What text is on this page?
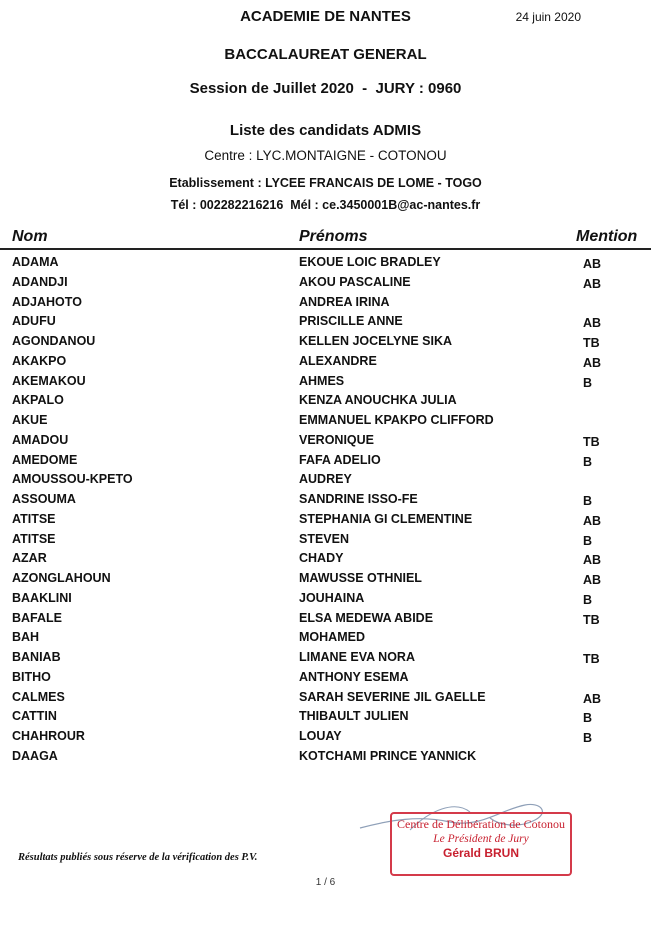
ACADEMIE DE NANTES	24 juin 2020
BACCALAUREAT GENERAL
Session de Juillet 2020  -  JURY : 0960
Liste des candidats ADMIS
Centre : LYC.MONTAIGNE - COTONOU
Etablissement : LYCEE FRANCAIS DE LOME - TOGO
Tél : 002282216216  Mél : ce.3450001B@ac-nantes.fr
Nom	Prénoms	Mention
ADAMA	EKOUE LOIC BRADLEY	AB
ADANDJI	AKOU PASCALINE	AB
ADJAHOTO	ANDREA IRINA
ADUFU	PRISCILLE ANNE	AB
AGONDANOU	KELLEN JOCELYNE SIKA	TB
AKAKPO	ALEXANDRE	AB
AKEMAKOU	AHMES	B
AKPALO	KENZA ANOUCHKA JULIA
AKUE	EMMANUEL KPAKPO CLIFFORD
AMADOU	VERONIQUE	TB
AMEDOME	FAFA ADELIO	B
AMOUSSOU-KPETO	AUDREY
ASSOUMA	SANDRINE ISSO-FE	B
ATITSE	STEPHANIA GI CLEMENTINE	AB
ATITSE	STEVEN	B
AZAR	CHADY	AB
AZONGLAHOUN	MAWUSSE OTHNIEL	AB
BAAKLINI	JOUHAINA	B
BAFALE	ELSA MEDEWA ABIDE	TB
BAH	MOHAMED
BANIAB	LIMANE EVA NORA	TB
BITHO	ANTHONY ESEMA
CALMES	SARAH SEVERINE JIL GAELLE	AB
CATTIN	THIBAULT JULIEN	B
CHAHROUR	LOUAY	B
DAAGA	KOTCHAMI PRINCE YANNICK
Résultats publiés sous réserve de la vérification des P.V.
1 / 6
Centre de Délibération de Cotonou
Le Président de Jury
Gérald BRUN
